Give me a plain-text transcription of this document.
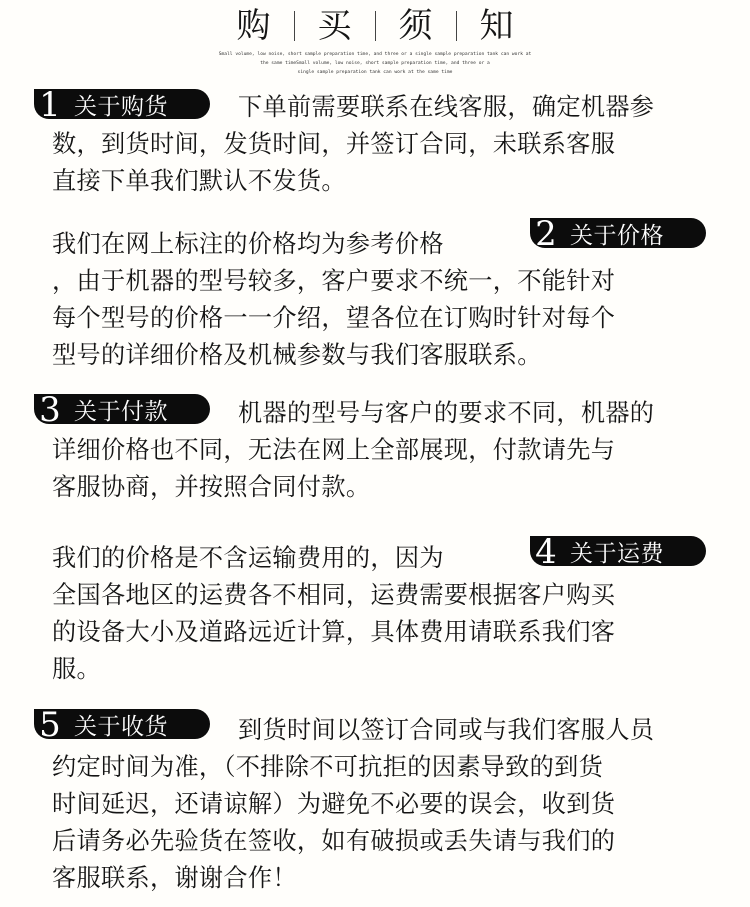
购	买	须	知
Small volume, low noise, short sample preparation time, and three or a single sample preparation tank can work at
the same timeSmall volume, low noise, short sample preparation time, and three or a
single sample preparation tank can work at the same time
1 关于购货	下单前需要联系在线客服，确定机器参
数，到货时间，发货时间，并签订合同，未联系客服
直接下单我们默认不发货。
我们在网上标注的价格均为参考价格	2 关于价格
，由于机器的型号较多，客户要求不统一，不能针对
每个型号的价格一一介绍，望各位在订购时针对每个
型号的详细价格及机械参数与我们客服联系。
3 关于付款	机器的型号与客户的要求不同，机器的
详细价格也不同，无法在网上全部展现，付款请先与
客服协商，并按照合同付款。
我们的价格是不含运输费用的，因为	4 关于运费
全国各地区的运费各不相同，运费需要根据客户购买
的设备大小及道路远近计算，具体费用请联系我们客
服。
5 关于收货	到货时间以签订合同或与我们客服人员
约定时间为准，（不排除不可抗拒的因素导致的到货
时间延迟，还请谅解）为避免不必要的误会，收到货
后请务必先验货在签收，如有破损或丢失请与我们的
客服联系，谢谢合作！
